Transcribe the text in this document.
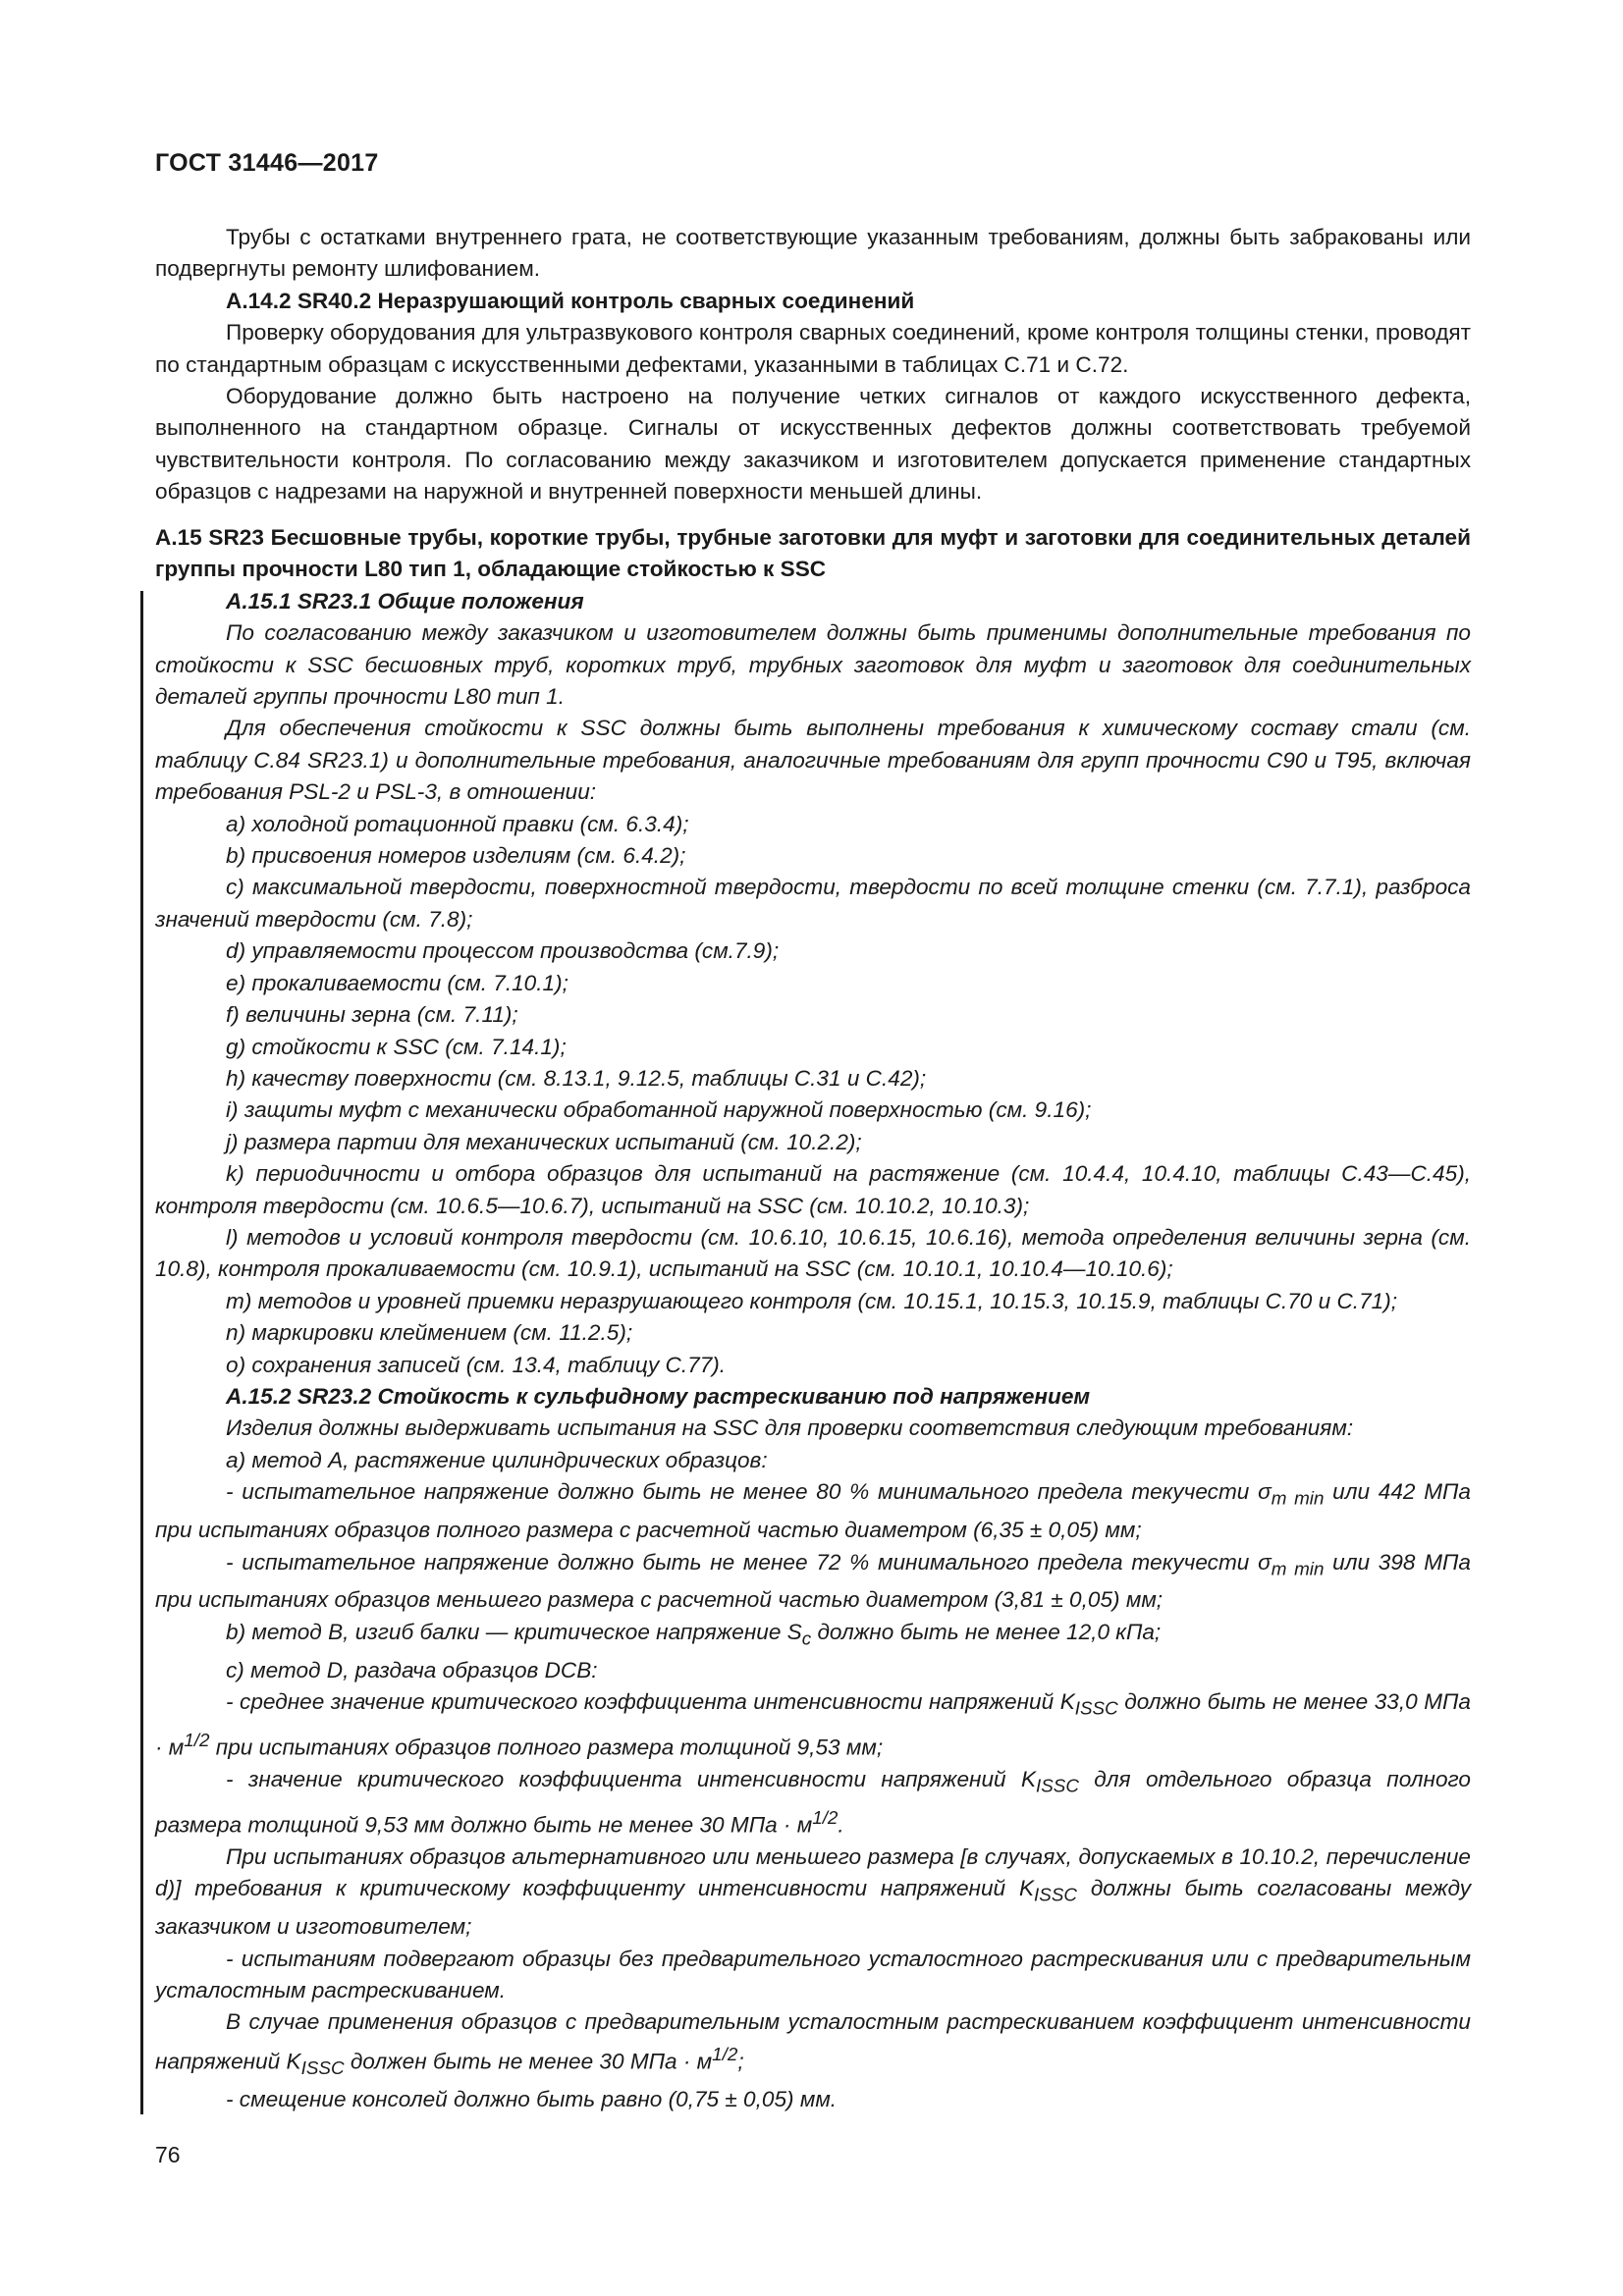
ГОСТ 31446—2017

Трубы с остатками внутреннего грата, не соответствующие указанным требованиям, должны быть забракованы или подвергнуты ремонту шлифованием.

А.14.2 SR40.2 Неразрушающий контроль сварных соединений

Проверку оборудования для ультразвукового контроля сварных соединений, кроме контроля толщины стенки, проводят по стандартным образцам с искусственными дефектами, указанными в таблицах С.71 и С.72.

Оборудование должно быть настроено на получение четких сигналов от каждого искусственного дефекта, выполненного на стандартном образце. Сигналы от искусственных дефектов должны соответствовать требуемой чувствительности контроля. По согласованию между заказчиком и изготовителем допускается применение стандартных образцов с надрезами на наружной и внутренней поверхности меньшей длины.

А.15 SR23 Бесшовные трубы, короткие трубы, трубные заготовки для муфт и заготовки для соединительных деталей группы прочности L80 тип 1, обладающие стойкостью к SSC

А.15.1 SR23.1 Общие положения

По согласованию между заказчиком и изготовителем должны быть применимы дополнительные требования по стойкости к SSC бесшовных труб, коротких труб, трубных заготовок для муфт и заготовок для соединительных деталей группы прочности L80 тип 1.

Для обеспечения стойкости к SSC должны быть выполнены требования к химическому составу стали (см. таблицу С.84 SR23.1) и дополнительные требования, аналогичные требованиям для групп прочности С90 и Т95, включая требования PSL-2 и PSL-3, в отношении:

a) холодной ротационной правки (см. 6.3.4);

b) присвоения номеров изделиям (см. 6.4.2);

c) максимальной твердости, поверхностной твердости, твердости по всей толщине стенки (см. 7.7.1), разброса значений твердости (см. 7.8);

d) управляемости процессом производства (см.7.9);

e) прокаливаемости (см. 7.10.1);

f) величины зерна (см. 7.11);

g) стойкости к SSC (см. 7.14.1);

h) качеству поверхности (см. 8.13.1, 9.12.5, таблицы С.31 и С.42);

i) защиты муфт с механически обработанной наружной поверхностью (см. 9.16);

j) размера партии для механических испытаний (см. 10.2.2);

k) периодичности и отбора образцов для испытаний на растяжение (см. 10.4.4, 10.4.10, таблицы С.43—С.45), контроля твердости (см. 10.6.5—10.6.7), испытаний на SSC (см. 10.10.2, 10.10.3);

l) методов и условий контроля твердости (см. 10.6.10, 10.6.15, 10.6.16), метода определения величины зерна (см. 10.8), контроля прокаливаемости (см. 10.9.1), испытаний на SSC (см. 10.10.1, 10.10.4—10.10.6);

m) методов и уровней приемки неразрушающего контроля (см. 10.15.1, 10.15.3, 10.15.9, таблицы С.70 и С.71);

n) маркировки клеймением (см. 11.2.5);

o) сохранения записей (см. 13.4, таблицу С.77).

А.15.2 SR23.2 Стойкость к сульфидному растрескиванию под напряжением

Изделия должны выдерживать испытания на SSC для проверки соответствия следующим требованиям:

a) метод A, растяжение цилиндрических образцов:

- испытательное напряжение должно быть не менее 80 % минимального предела текучести $\sigma_{т min}$ или 442 МПа при испытаниях образцов полного размера с расчетной частью диаметром (6,35 ± 0,05) мм;

- испытательное напряжение должно быть не менее 72 % минимального предела текучести $\sigma_{т min}$ или 398 МПа при испытаниях образцов меньшего размера с расчетной частью диаметром (3,81 ± 0,05) мм;

b) метод B, изгиб балки — критическое напряжение $S_c$ должно быть не менее 12,0 кПа;

c) метод D, раздача образцов DCB:

- среднее значение критического коэффициента интенсивности напряжений $K_{ISSC}$ должно быть не менее 33,0 МПа · $м^{1/2}$ при испытаниях образцов полного размера толщиной 9,53 мм;

- значение критического коэффициента интенсивности напряжений $K_{ISSC}$ для отдельного образца полного размера толщиной 9,53 мм должно быть не менее 30 МПа · $м^{1/2}$.

При испытаниях образцов альтернативного или меньшего размера [в случаях, допускаемых в 10.10.2, перечисление d)] требования к критическому коэффициенту интенсивности напряжений $K_{ISSC}$ должны быть согласованы между заказчиком и изготовителем;

- испытаниям подвергают образцы без предварительного усталостного растрескивания или с предварительным усталостным растрескиванием.

В случае применения образцов с предварительным усталостным растрескиванием коэффициент интенсивности напряжений $K_{ISSC}$ должен быть не менее 30 МПа · $м^{1/2}$;

- смещение консолей должно быть равно (0,75 ± 0,05) мм.

76
